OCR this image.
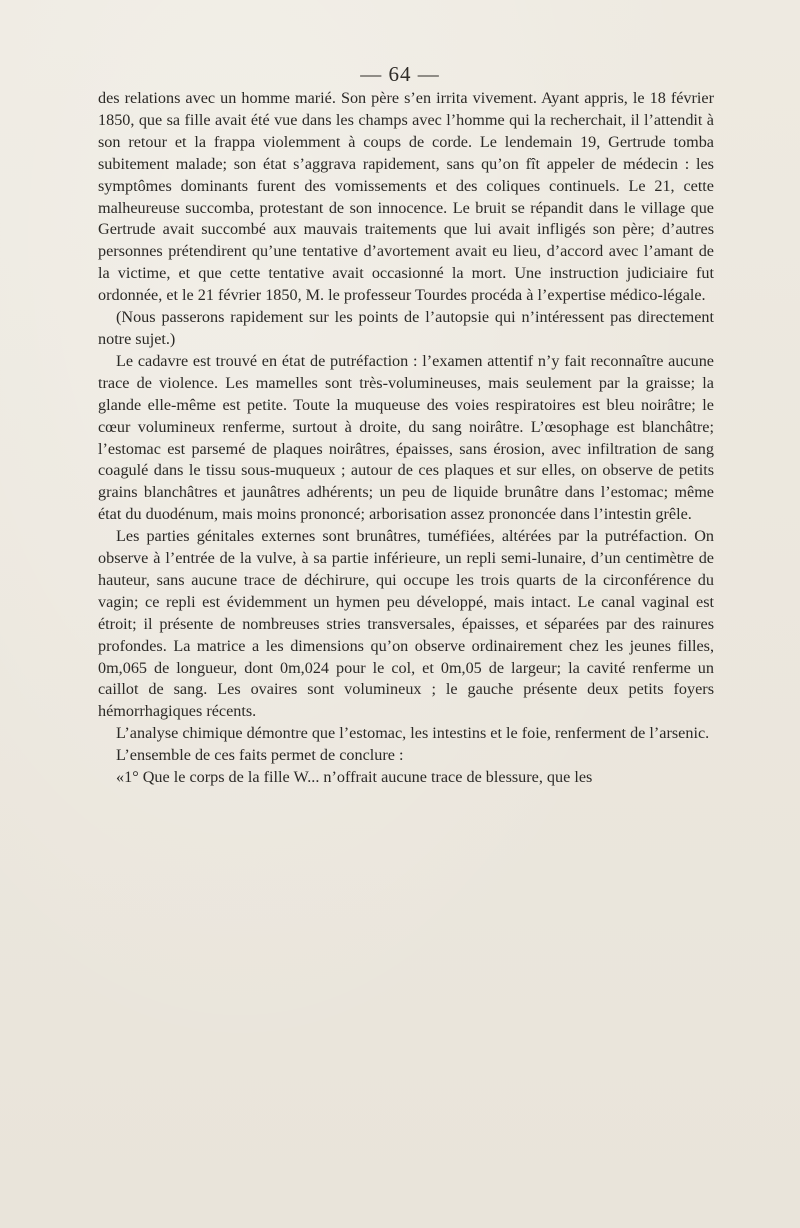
— 64 —

des relations avec un homme marié. Son père s’en irrita vivement. Ayant appris, le 18 février 1850, que sa fille avait été vue dans les champs avec l’homme qui la recherchait, il l’attendit à son retour et la frappa violemment à coups de corde. Le lendemain 19, Gertrude tomba subitement malade; son état s’aggrava rapidement, sans qu’on fît appeler de médecin : les symptômes dominants furent des vomissements et des coliques continuels. Le 21, cette malheureuse succomba, protestant de son innocence. Le bruit se répandit dans le village que Gertrude avait succombé aux mauvais traitements que lui avait infligés son père; d’autres personnes prétendirent qu’une tentative d’avortement avait eu lieu, d’accord avec l’amant de la victime, et que cette tentative avait occasionné la mort. Une instruction judiciaire fut ordonnée, et le 21 février 1850, M. le professeur Tourdes procéda à l’expertise médico-légale.

(Nous passerons rapidement sur les points de l’autopsie qui n’intéressent pas directement notre sujet.)

Le cadavre est trouvé en état de putréfaction : l’examen attentif n’y fait reconnaître aucune trace de violence. Les mamelles sont très-volumineuses, mais seulement par la graisse; la glande elle-même est petite. Toute la muqueuse des voies respiratoires est bleu noirâtre; le cœur volumineux renferme, surtout à droite, du sang noirâtre. L’œsophage est blanchâtre; l’estomac est parsemé de plaques noirâtres, épaisses, sans érosion, avec infiltration de sang coagulé dans le tissu sous-muqueux ; autour de ces plaques et sur elles, on observe de petits grains blanchâtres et jaunâtres adhérents; un peu de liquide brunâtre dans l’estomac; même état du duodénum, mais moins prononcé; arborisation assez prononcée dans l’intestin grêle.

Les parties génitales externes sont brunâtres, tuméfiées, altérées par la putréfaction. On observe à l’entrée de la vulve, à sa partie inférieure, un repli semi-lunaire, d’un centimètre de hauteur, sans aucune trace de déchirure, qui occupe les trois quarts de la circonférence du vagin; ce repli est évidemment un hymen peu développé, mais intact. Le canal vaginal est étroit; il présente de nombreuses stries transversales, épaisses, et séparées par des rainures profondes. La matrice a les dimensions qu’on observe ordinairement chez les jeunes filles, 0m,065 de longueur, dont 0m,024 pour le col, et 0m,05 de largeur; la cavité renferme un caillot de sang. Les ovaires sont volumineux ; le gauche présente deux petits foyers hémorrhagiques récents.

L’analyse chimique démontre que l’estomac, les intestins et le foie, renferment de l’arsenic.

L’ensemble de ces faits permet de conclure :

«1° Que le corps de la fille W... n’offrait aucune trace de blessure, que les
